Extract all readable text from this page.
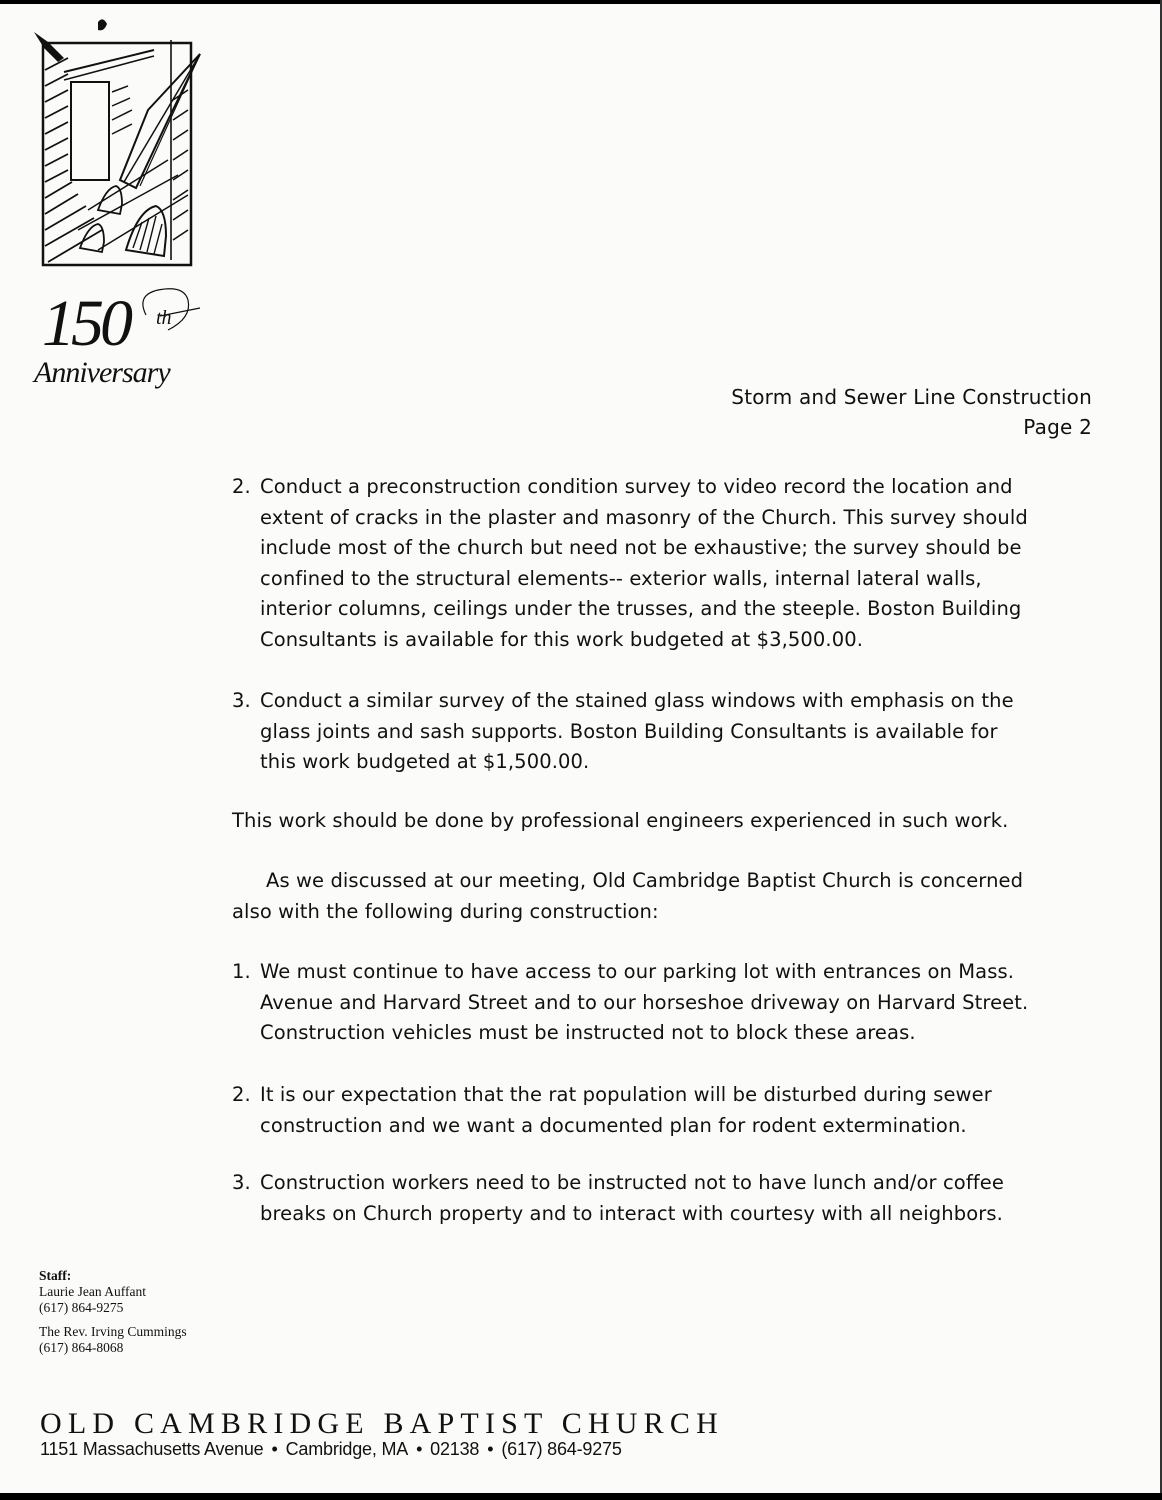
150 th
Anniversary
Storm and Sewer Line Construction
Page 2
2. Conduct a preconstruction condition survey to video record the location and
extent of cracks in the plaster and masonry of the Church. This survey should
include most of the church but need not be exhaustive; the survey should be
confined to the structural elements-- exterior walls, internal lateral walls,
interior columns, ceilings under the trusses, and the steeple. Boston Building
Consultants is available for this work budgeted at $3,500.00.
3. Conduct a similar survey of the stained glass windows with emphasis on the
glass joints and sash supports. Boston Building Consultants is available for
this work budgeted at $1,500.00.
This work should be done by professional engineers experienced in such work.
As we discussed at our meeting, Old Cambridge Baptist Church is concerned
also with the following during construction:
1. We must continue to have access to our parking lot with entrances on Mass.
Avenue and Harvard Street and to our horseshoe driveway on Harvard Street.
Construction vehicles must be instructed not to block these areas.
2. It is our expectation that the rat population will be disturbed during sewer
construction and we want a documented plan for rodent extermination.
3. Construction workers need to be instructed not to have lunch and/or coffee
breaks on Church property and to interact with courtesy with all neighbors.
Staff:
Laurie Jean Auffant
(617) 864-9275
The Rev. Irving Cummings
(617) 864-8068
OLD CAMBRIDGE BAPTIST CHURCH
1151 Massachusetts Avenue • Cambridge, MA • 02138 • (617) 864-9275
